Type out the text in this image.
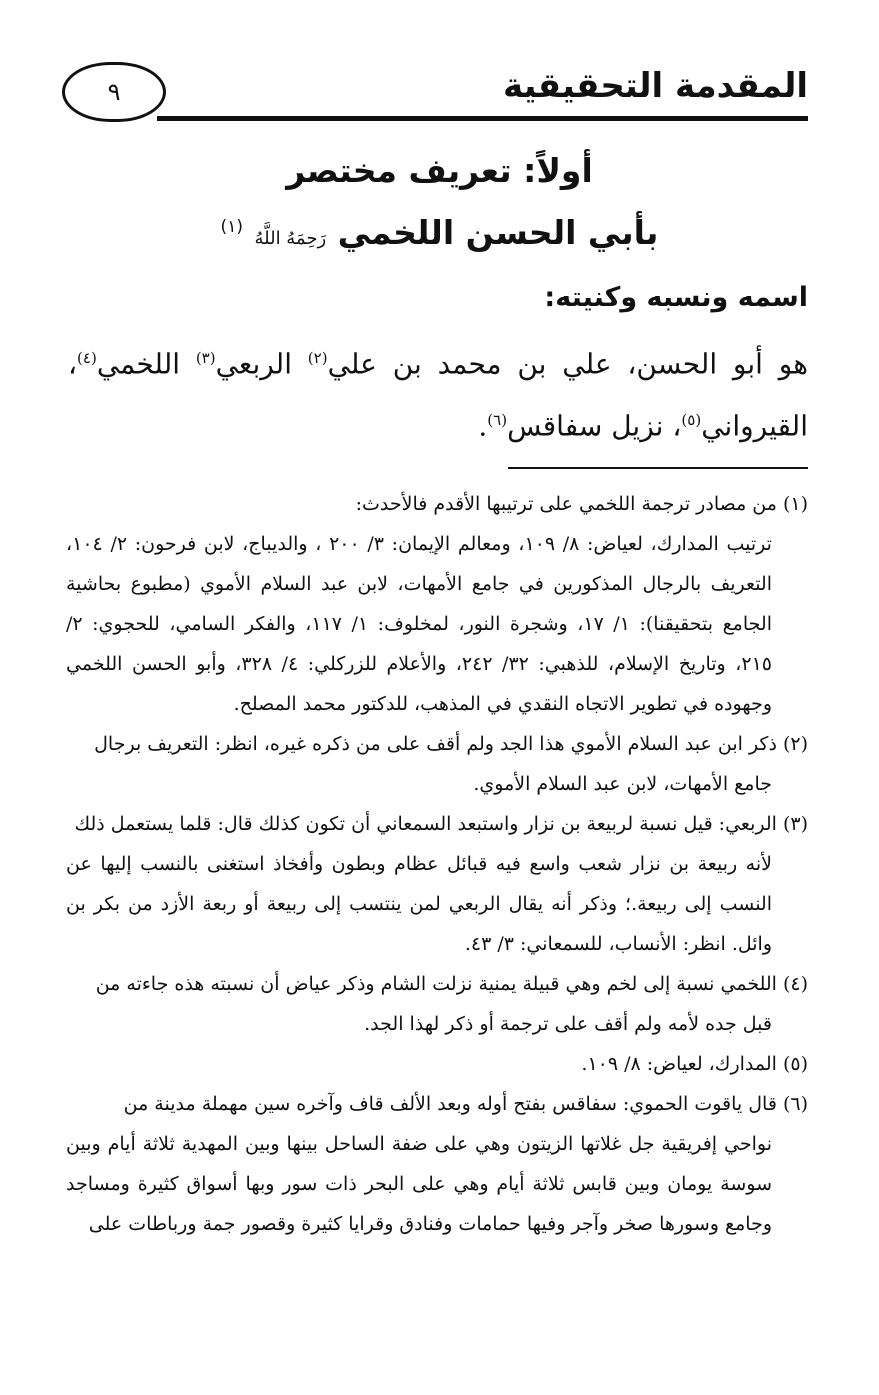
المقدمة التحقيقية
٩
أولاً: تعريف مختصر
بأبي الحسن اللخمي رَحِمَهُ اللَّهُ $^{(١)}$
اسمه ونسبه وكنيته:
هو أبو الحسن، علي بن محمد بن علي$^{(٢)}$ الربعي$^{(٣)}$ اللخمي$^{(٤)}$، القيرواني$^{(٥)}$، نزيل سفاقس$^{(٦)}$.

(١)من مصادر ترجمة اللخمي على ترتيبها الأقدم فالأحدث:
ترتيب المدارك، لعياض: ٨/ ١٠٩، ومعالم الإيمان: ٣/ ٢٠٠ ، والديباج، لابن فرحون: ٢/ ١٠٤، التعريف بالرجال المذكورين في جامع الأمهات، لابن عبد السلام الأموي (مطبوع بحاشية الجامع بتحقيقنا): ١/ ١٧، وشجرة النور، لمخلوف: ١/ ١١٧، والفكر السامي، للحجوي: ٢/ ٢١٥، وتاريخ الإسلام، للذهبي: ٣٢/ ٢٤٢، والأعلام للزركلي: ٤/ ٣٢٨، وأبو الحسن اللخمي وجهوده في تطوير الاتجاه النقدي في المذهب، للدكتور محمد المصلح.

(٢)ذكر ابن عبد السلام الأموي هذا الجد ولم أقف على من ذكره غيره، انظر: التعريف برجال
جامع الأمهات، لابن عبد السلام الأموي.

(٣)الربعي: قيل نسبة لربيعة بن نزار واستبعد السمعاني أن تكون كذلك قال: قلما يستعمل ذلك
لأنه ربيعة بن نزار شعب واسع فيه قبائل عظام وبطون وأفخاذ استغنى بالنسب إليها عن النسب إلى ربيعة.؛ وذكر أنه يقال الربعي لمن ينتسب إلى ربيعة أو ربعة الأزد من بكر بن وائل. انظر: الأنساب، للسمعاني: ٣/ ٤٣.

(٤)اللخمي نسبة إلى لخم وهي قبيلة يمنية نزلت الشام وذكر عياض أن نسبته هذه جاءته من
قبل جده لأمه ولم أقف على ترجمة أو ذكر لهذا الجد.

(٥)المدارك، لعياض: ٨/ ١٠٩.

(٦)قال ياقوت الحموي: سفاقس بفتح أوله وبعد الألف قاف وآخره سين مهملة مدينة من
نواحي إفريقية جل غلاتها الزيتون وهي على ضفة الساحل بينها وبين المهدية ثلاثة أيام وبين سوسة يومان وبين قابس ثلاثة أيام وهي على البحر ذات سور وبها أسواق كثيرة ومساجد وجامع وسورها صخر وآجر وفيها حمامات وفنادق وقرايا كثيرة وقصور جمة ورباطات على
